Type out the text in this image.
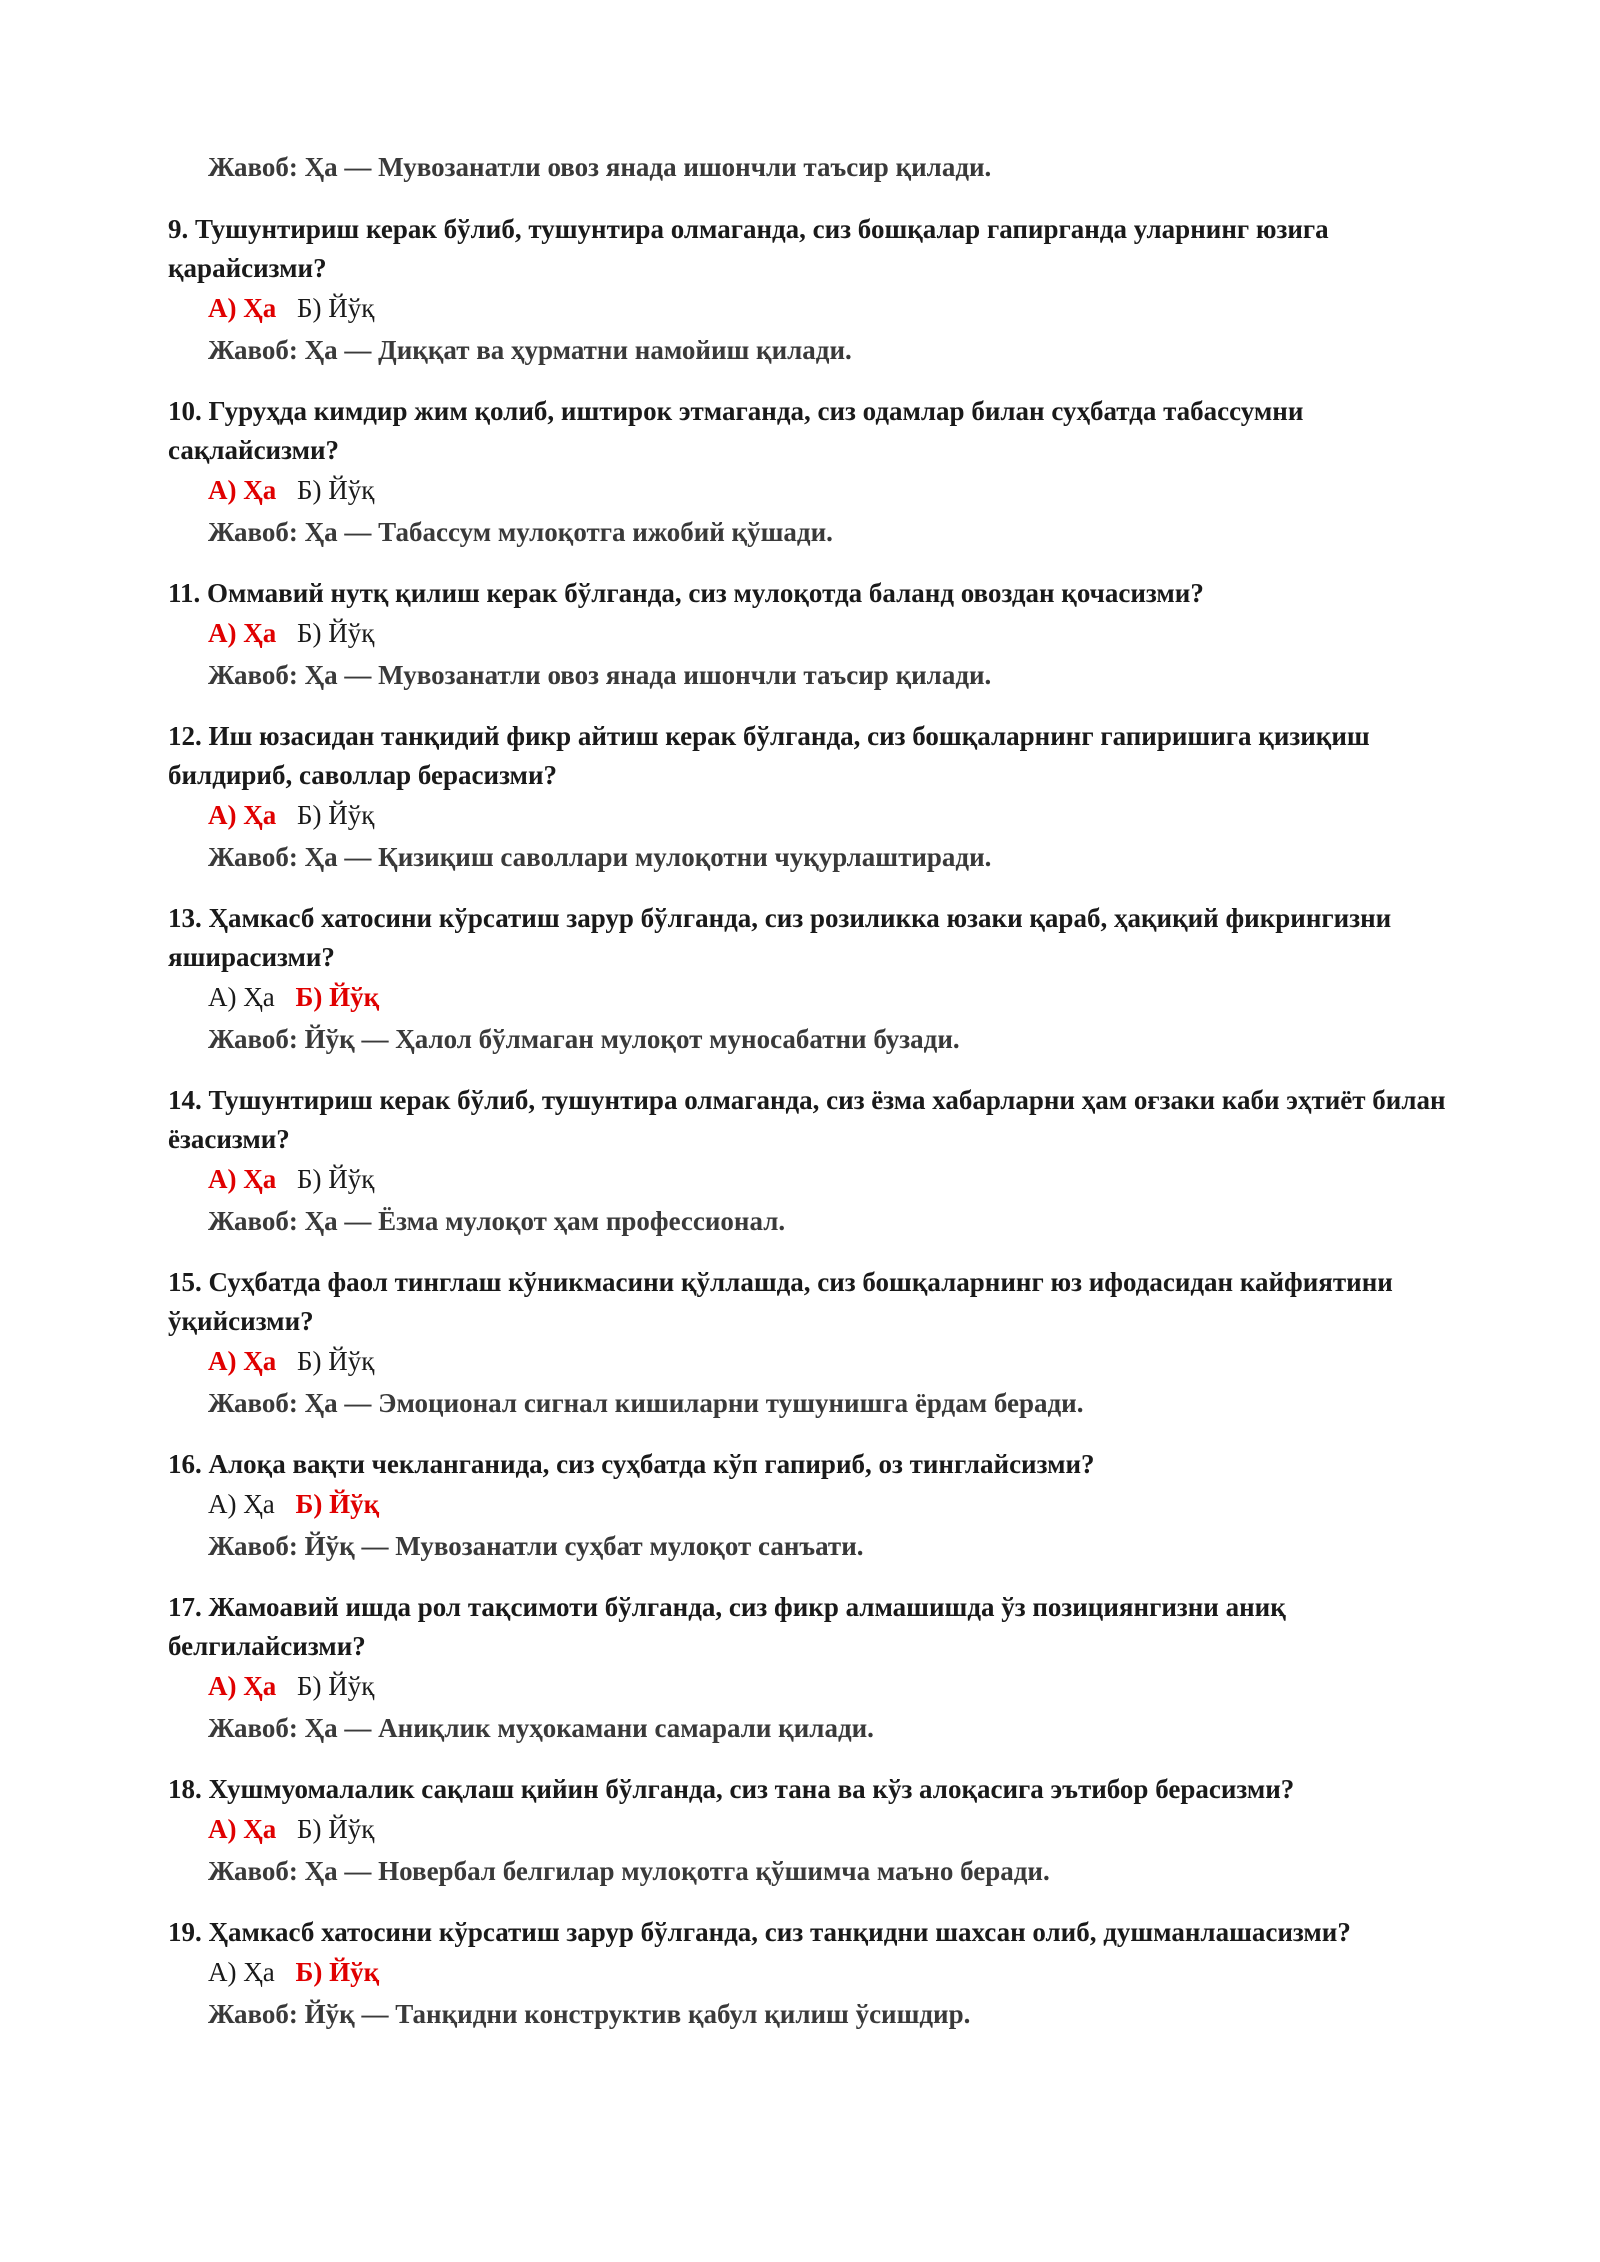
Жавоб: Ҳа — Мувозанатли овоз янада ишончли таъсир қилади.
9. Тушунтириш керак бўлиб, тушунтира олмаганда, сиз бошқалар гапирганда уларнинг юзига қарайсизми?
А) Ҳа Б) Йўқ
Жавоб: Ҳа — Диққат ва ҳурматни намойиш қилади.
10. Гуруҳда кимдир жим қолиб, иштирок этмаганда, сиз одамлар билан суҳбатда табассумни сақлайсизми?
А) Ҳа Б) Йўқ
Жавоб: Ҳа — Табассум мулоқотга ижобий қўшади.
11. Оммавий нутқ қилиш керак бўлганда, сиз мулоқотда баланд овоздан қочасизми?
А) Ҳа Б) Йўқ
Жавоб: Ҳа — Мувозанатли овоз янада ишончли таъсир қилади.
12. Иш юзасидан танқидий фикр айтиш керак бўлганда, сиз бошқаларнинг гапиришига қизиқиш билдириб, саволлар берасизми?
А) Ҳа Б) Йўқ
Жавоб: Ҳа — Қизиқиш саволлари мулоқотни чуқурлаштиради.
13. Ҳамкасб хатосини кўрсатиш зарур бўлганда, сиз розиликка юзаки қараб, ҳақиқий фикрингизни яширасизми?
А) Ҳа Б) Йўқ
Жавоб: Йўқ — Ҳалол бўлмаган мулоқот муносабатни бузади.
14. Тушунтириш керак бўлиб, тушунтира олмаганда, сиз ёзма хабарларни ҳам оғзаки каби эҳтиёт билан ёзасизми?
А) Ҳа Б) Йўқ
Жавоб: Ҳа — Ёзма мулоқот ҳам профессионал.
15. Суҳбатда фаол тинглаш кўникмасини қўллашда, сиз бошқаларнинг юз ифодасидан кайфиятини ўқийсизми?
А) Ҳа Б) Йўқ
Жавоб: Ҳа — Эмоционал сигнал кишиларни тушунишга ёрдам беради.
16. Алоқа вақти чекланганида, сиз суҳбатда кўп гапириб, оз тинглайсизми?
А) Ҳа Б) Йўқ
Жавоб: Йўқ — Мувозанатли суҳбат мулоқот санъати.
17. Жамоавий ишда рол тақсимоти бўлганда, сиз фикр алмашишда ўз позициянгизни аниқ белгилайсизми?
А) Ҳа Б) Йўқ
Жавоб: Ҳа — Аниқлик муҳокамани самарали қилади.
18. Хушмуомалалик сақлаш қийин бўлганда, сиз тана ва кўз алоқасига эътибор берасизми?
А) Ҳа Б) Йўқ
Жавоб: Ҳа — Новербал белгилар мулоқотга қўшимча маъно беради.
19. Ҳамкасб хатосини кўрсатиш зарур бўлганда, сиз танқидни шахсан олиб, душманлашасизми?
А) Ҳа Б) Йўқ
Жавоб: Йўқ — Танқидни конструктив қабул қилиш ўсишдир.
